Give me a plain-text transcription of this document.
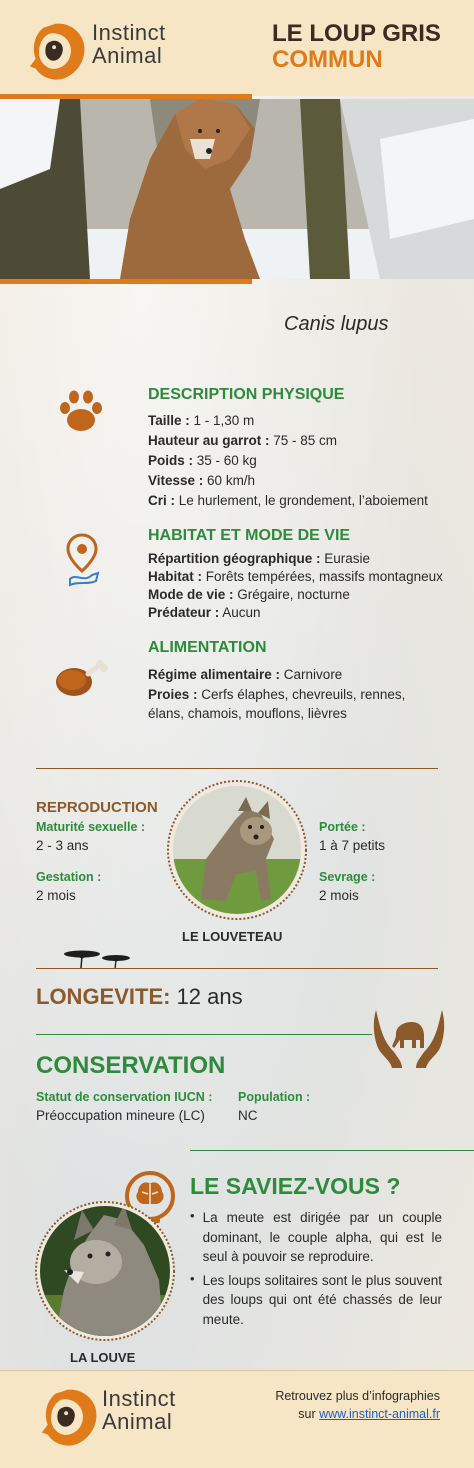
Instinct
Animal
LE LOUP GRIS
COMMUN
Canis lupus
DESCRIPTION PHYSIQUE
Taille : 1 - 1,30 m
Hauteur au garrot : 75 - 85 cm
Poids : 35 - 60 kg
Vitesse : 60 km/h
Cri : Le hurlement, le grondement, l’aboiement
HABITAT ET MODE DE VIE
Répartition géographique : Eurasie
Habitat : Forêts tempérées, massifs montagneux
Mode de vie : Grégaire, nocturne
Prédateur : Aucun
ALIMENTATION
Régime alimentaire : Carnivore
Proies : Cerfs élaphes, chevreuils, rennes,
élans, chamois, mouflons, lièvres
REPRODUCTION
Maturité sexuelle :
2 - 3 ans
Gestation :
2 mois
Portée :
1 à 7 petits
Sevrage :
2 mois
LE LOUVETEAU
LONGEVITE: 12 ans
CONSERVATION
Statut de conservation IUCN :
Préoccupation mineure (LC)
Population :
NC
LE SAVIEZ-VOUS ?
LA LOUVE
• La meute est dirigée par un couple dominant, le couple alpha, qui est le seul à pouvoir se reproduire.
• Les loups solitaires sont le plus souvent des loups qui ont été chassés de leur meute.
Instinct
Animal
Retrouvez plus d’infographies
sur www.instinct-animal.fr
